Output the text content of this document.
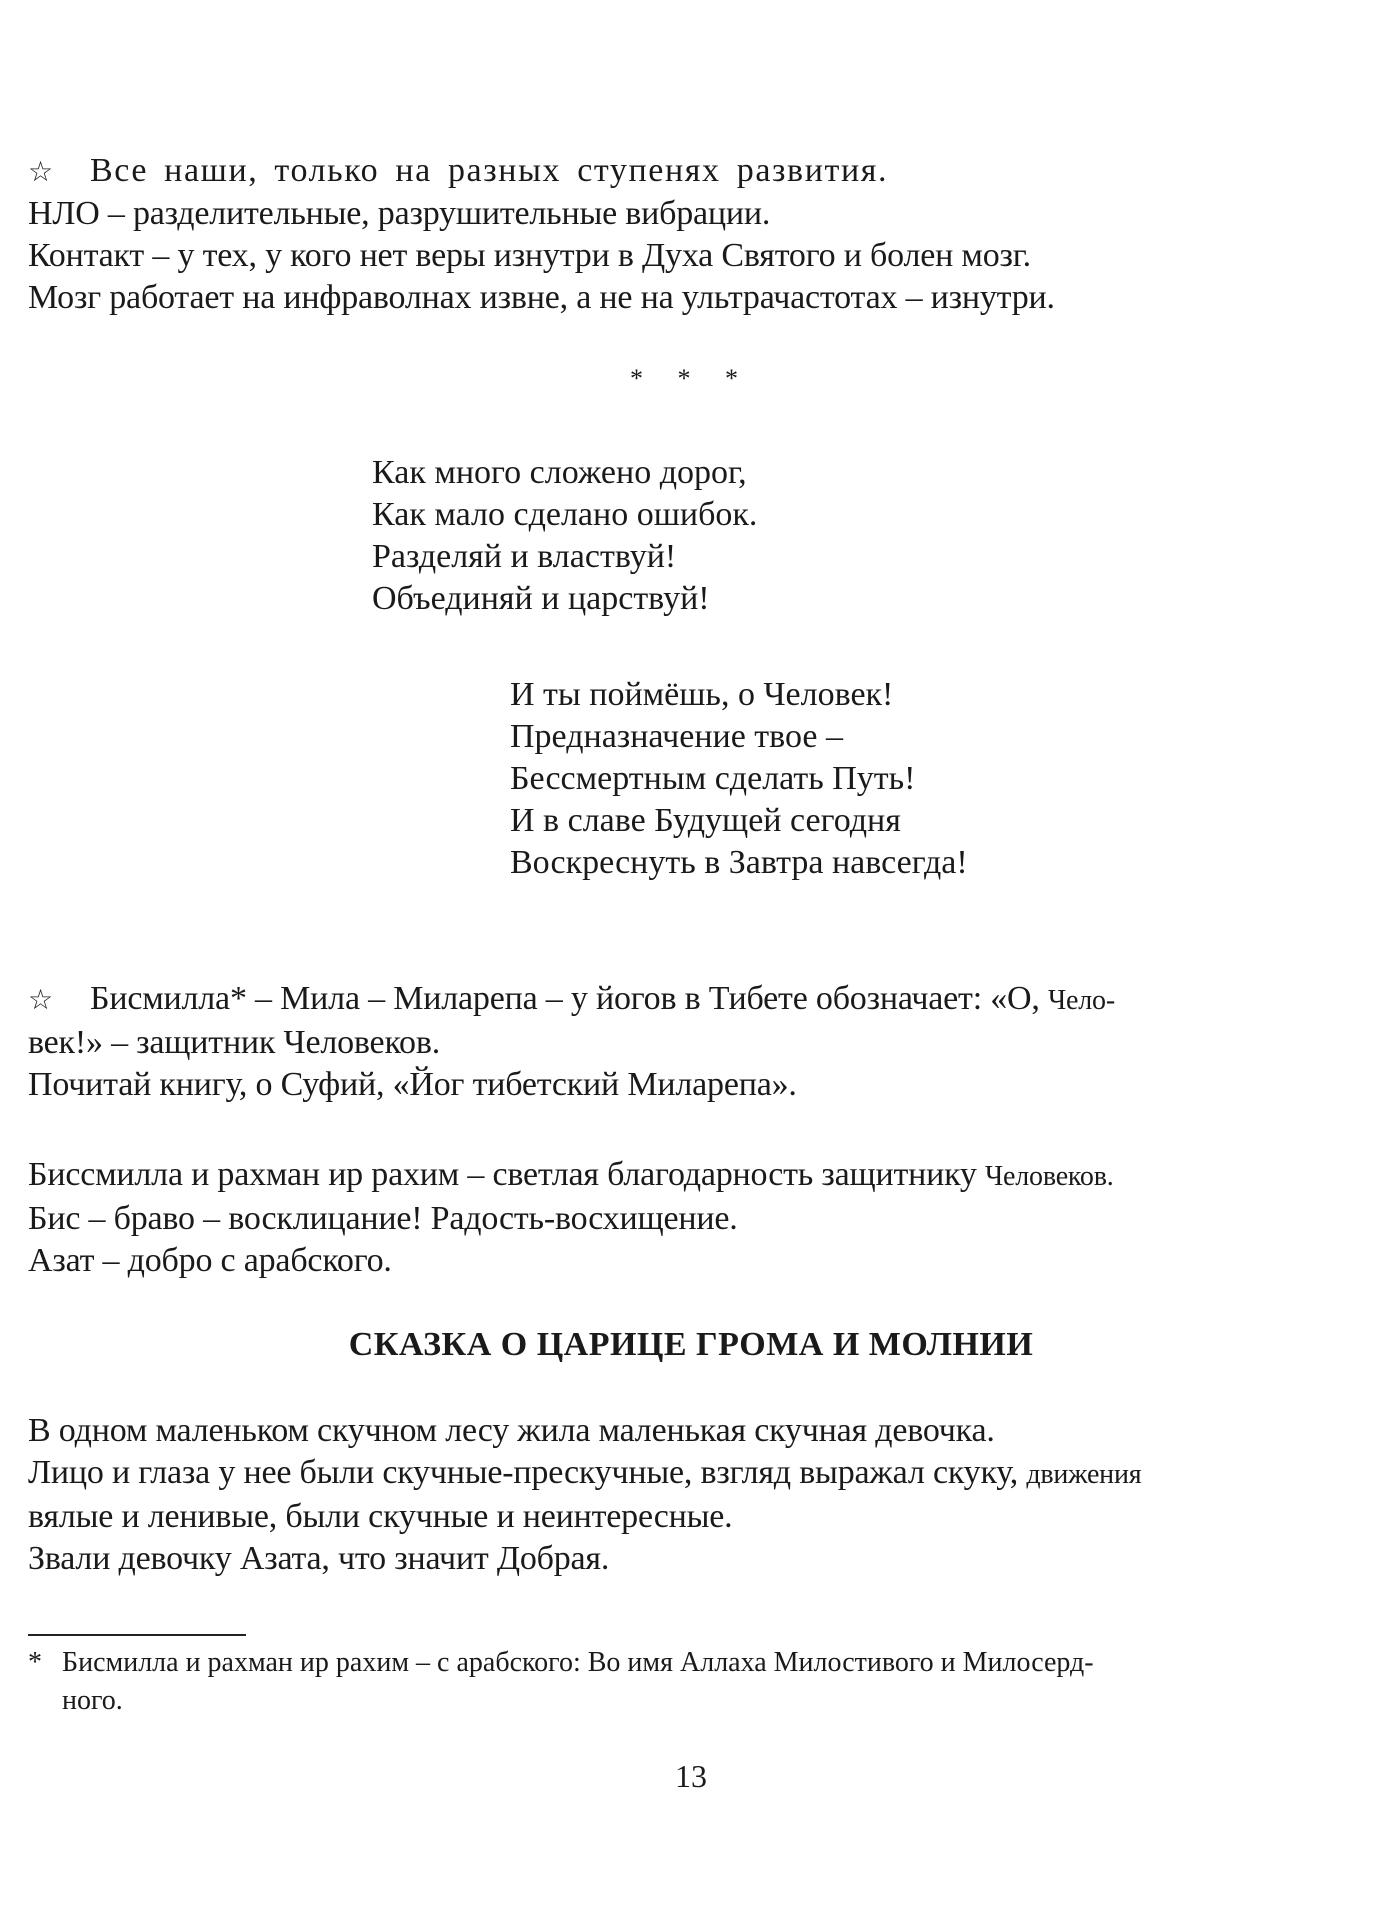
☆ Все наши, только на разных ступенях развития.
НЛО – разделительные, разрушительные вибрации.
Контакт – у тех, у кого нет веры изнутри в Духа Святого и болен мозг.
Мозг работает на инфраволнах извне, а не на ультрачастотах – изнутри.
* * *
Как много сложено дорог,
Как мало сделано ошибок.
Разделяй и властвуй!
Объединяй и царствуй!
И ты поймёшь, о Человек!
Предназначение твое –
Бессмертным сделать Путь!
И в славе Будущей сегодня
Воскреснуть в Завтра навсегда!
☆ Бисмилла* – Мила – Миларепа – у йогов в Тибете обозначает: «О, Чело-
век!» – защитник Человеков.
Почитай книгу, о Суфий, «Йог тибетский Миларепа».
Биссмилла и рахман ир рахим – светлая благодарность защитнику Человеков.
Бис – браво – восклицание! Радость-восхищение.
Азат – добро с арабского.
СКАЗКА О ЦАРИЦЕ ГРОМА И МОЛНИИ
В одном маленьком скучном лесу жила маленькая скучная девочка.
Лицо и глаза у нее были скучные-прескучные, взгляд выражал скуку, движения
вялые и ленивые, были скучные и неинтересные.
Звали девочку Азата, что значит Добрая.
* Бисмилла и рахман ир рахим – с арабского: Во имя Аллаха Милостивого и Милосерд-
ного.
13
